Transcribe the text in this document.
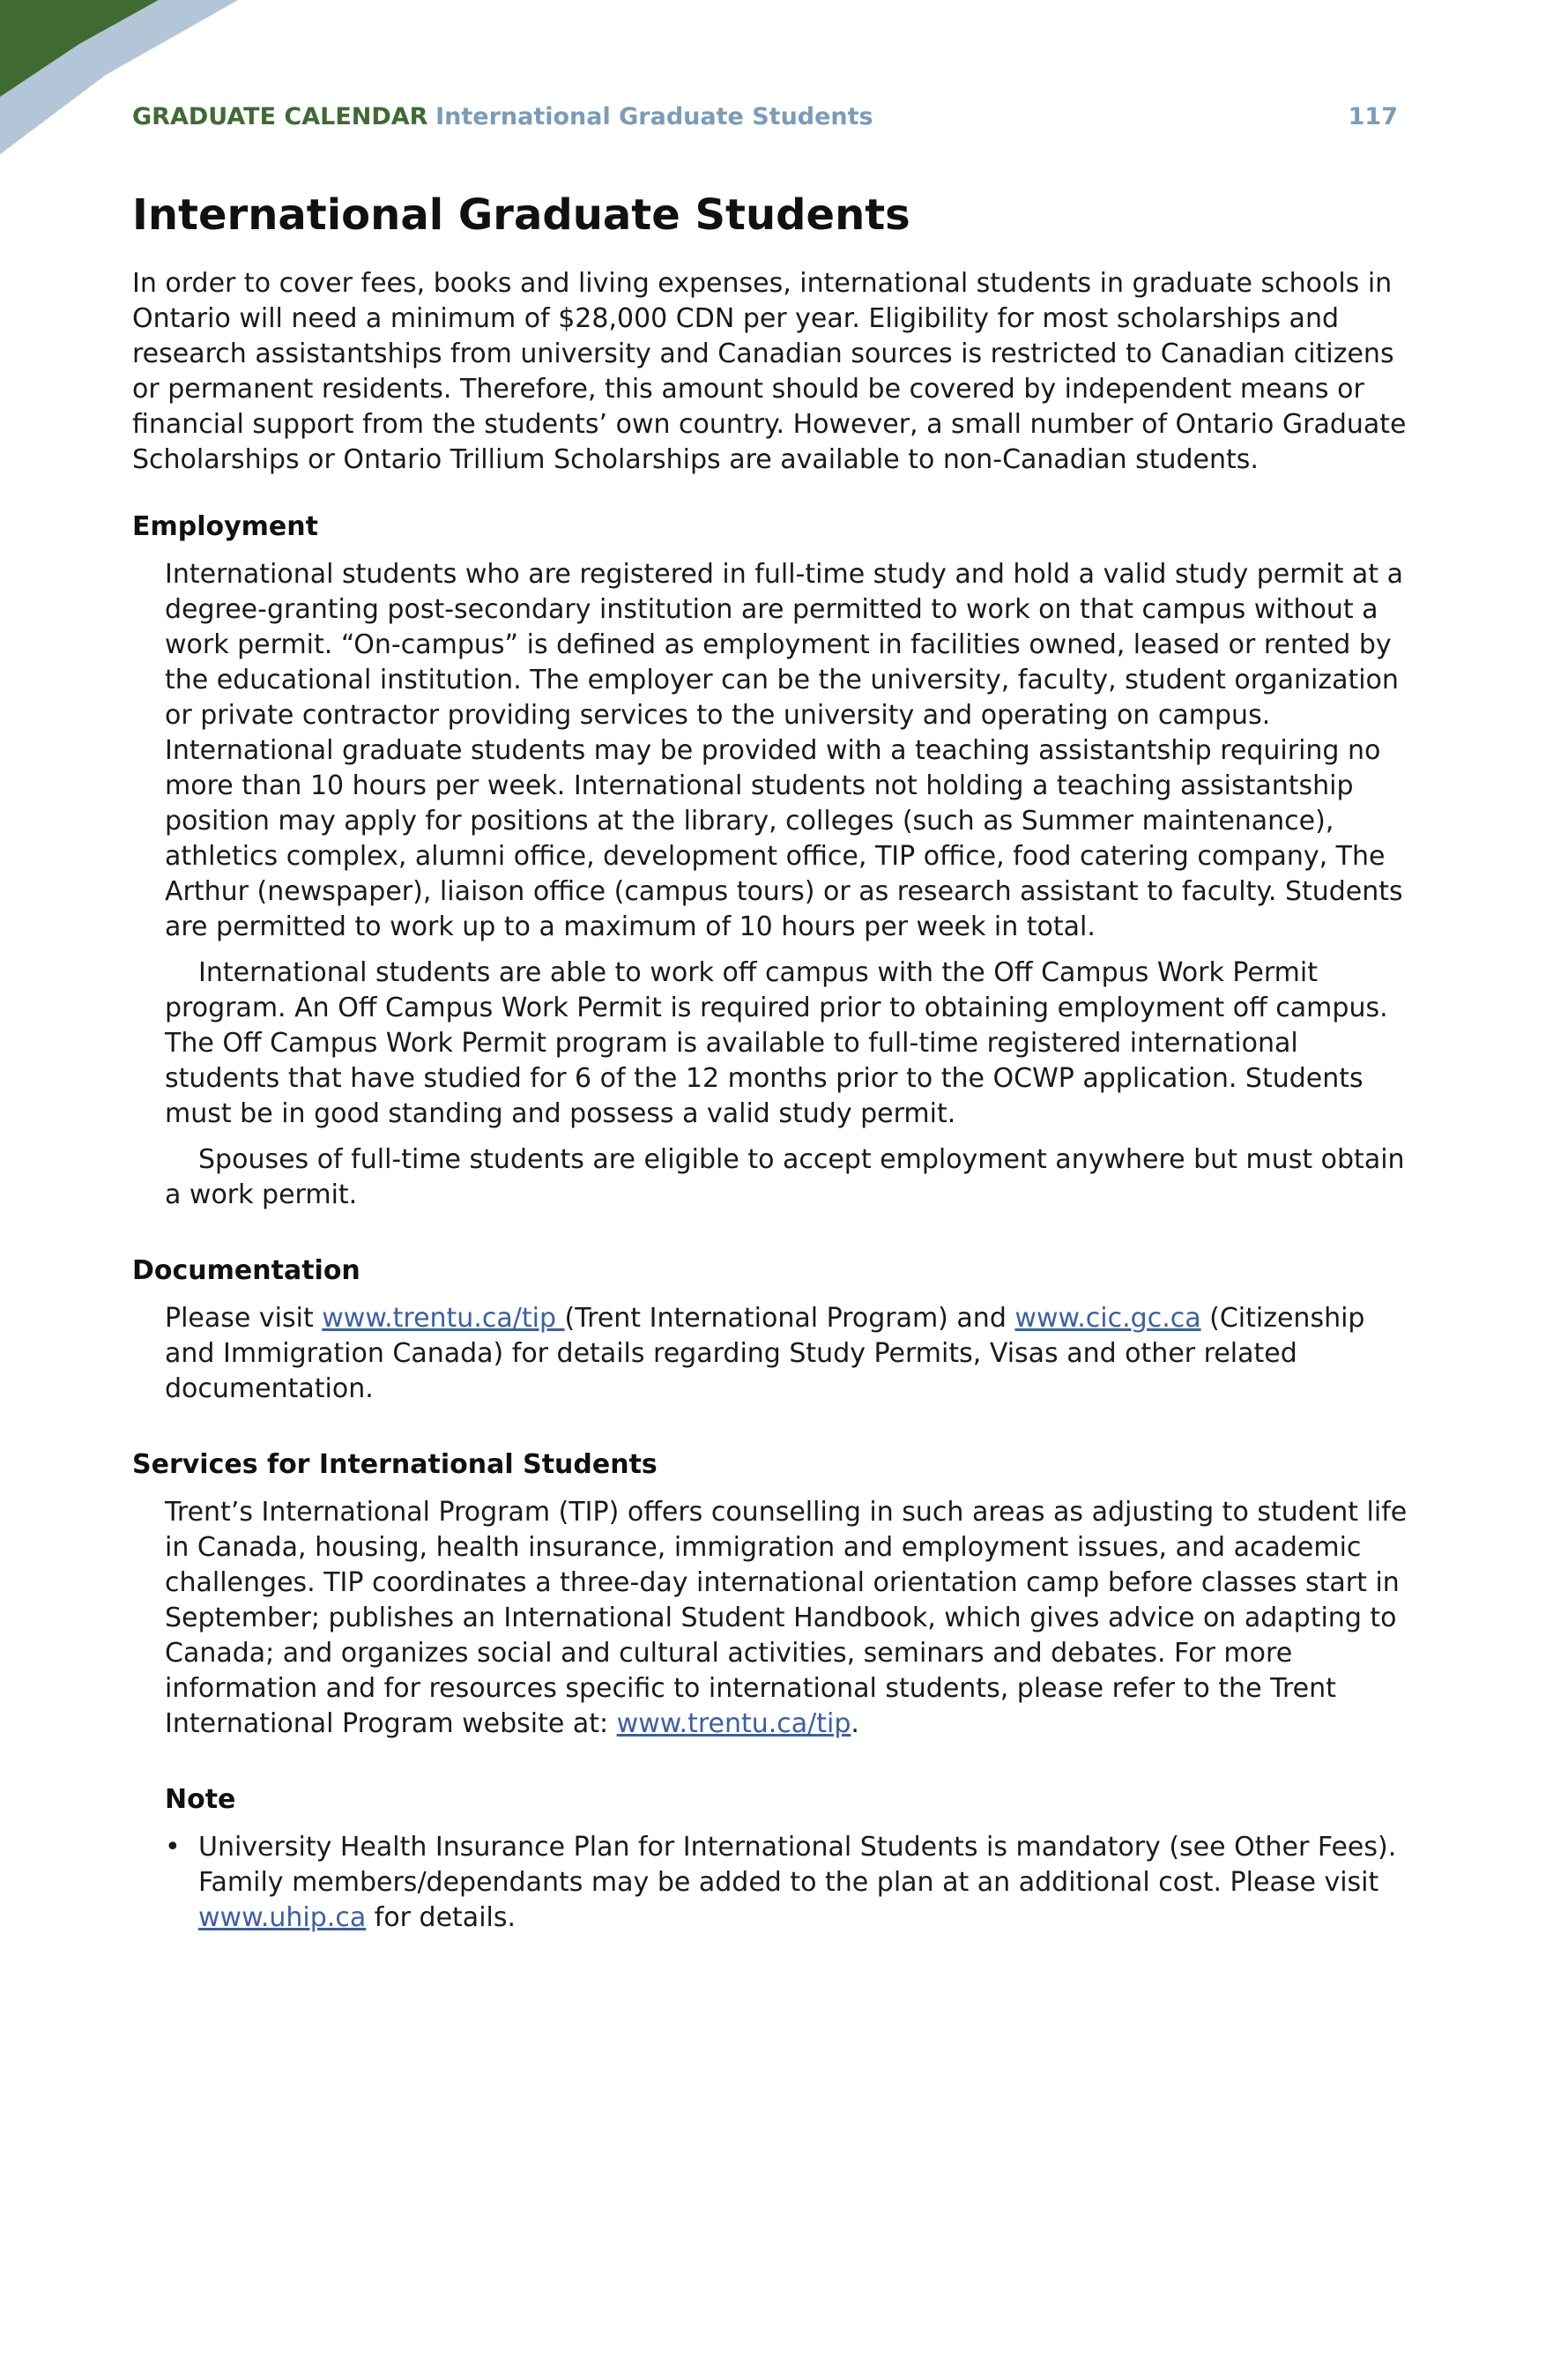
GRADUATE CALENDAR International Graduate Students	117
International Graduate Students

In order to cover fees, books and living expenses, international students in graduate schools in Ontario will need a minimum of $28,000 CDN per year. Eligibility for most scholarships and research assistantships from university and Canadian sources is restricted to Canadian citizens or permanent residents. Therefore, this amount should be covered by independent means or financial support from the students’ own country. However, a small number of Ontario Graduate Scholarships or Ontario Trillium Scholarships are available to non-Canadian students.

Employment

International students who are registered in full-time study and hold a valid study permit at a degree-granting post-secondary institution are permitted to work on that campus without a work permit. “On-campus” is defined as employment in facilities owned, leased or rented by the educational institution. The employer can be the university, faculty, student organization or private contractor providing services to the university and operating on campus. International graduate students may be provided with a teaching assistantship requiring no more than 10 hours per week. International students not holding a teaching assistantship position may apply for positions at the library, colleges (such as Summer maintenance), athletics complex, alumni office, development office, TIP office, food catering company, The Arthur (newspaper), liaison office (campus tours) or as research assistant to faculty. Students are permitted to work up to a maximum of 10 hours per week in total.

International students are able to work off campus with the Off Campus Work Permit program. An Off Campus Work Permit is required prior to obtaining employment off campus. The Off Campus Work Permit program is available to full-time registered international students that have studied for 6 of the 12 months prior to the OCWP application. Students must be in good standing and possess a valid study permit.

Spouses of full-time students are eligible to accept employment anywhere but must obtain a work permit.

Documentation

Please visit www.trentu.ca/tip (Trent International Program) and www.cic.gc.ca (Citizenship and Immigration Canada) for details regarding Study Permits, Visas and other related documentation.

Services for International Students

Trent’s International Program (TIP) offers counselling in such areas as adjusting to student life in Canada, housing, health insurance, immigration and employment issues, and academic challenges. TIP coordinates a three-day international orientation camp before classes start in September; publishes an International Student Handbook, which gives advice on adapting to Canada; and organizes social and cultural activities, seminars and debates. For more information and for resources specific to international students, please refer to the Trent International Program website at: www.trentu.ca/tip.

Note
• University Health Insurance Plan for International Students is mandatory (see Other Fees). Family members/dependants may be added to the plan at an additional cost. Please visit www.uhip.ca for details.
